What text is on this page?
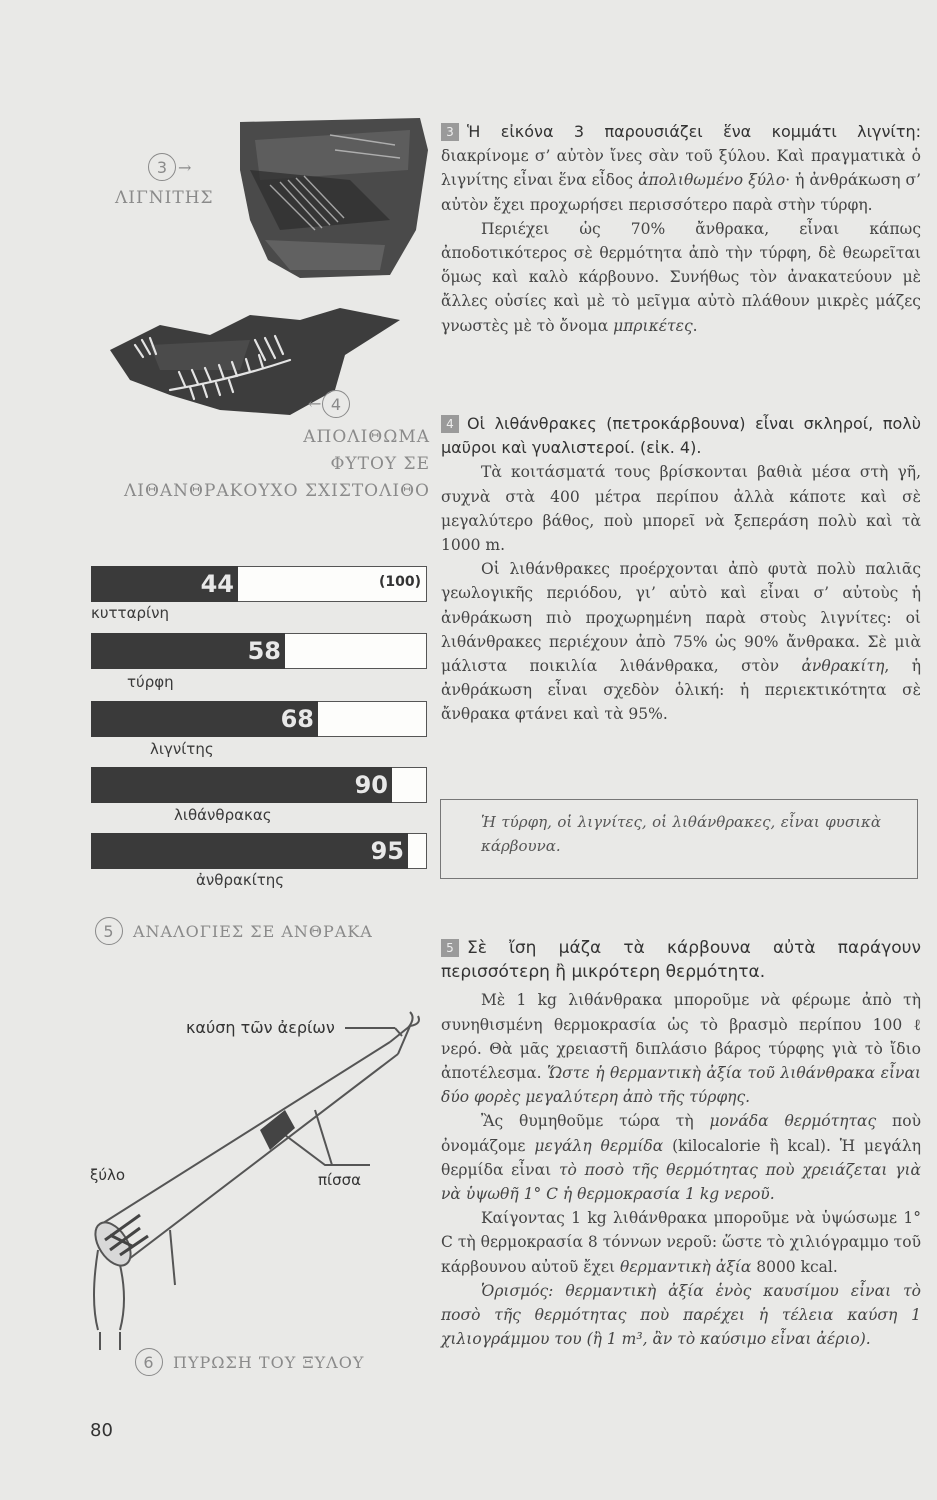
3 →
ΛΙΓΝΙΤΗΣ
← 4
ΑΠΟΛΙΘΩΜΑ
ΦΥΤΟΥ ΣΕ
ΛΙΘΑΝΘΡΑΚΟΥΧΟ ΣΧΙΣΤΟΛΙΘΟ
44	(100)
κυτταρίνη
58
τύρφη
68
λιγνίτης
90
λιθάνθρακας
95
ἀνθρακίτης
5	ΑΝΑΛΟΓΙΕΣ ΣΕ ΑΝΘΡΑΚΑ
καύση τῶν ἀερίων
ξύλο	πίσσα
6	ΠΥΡΩΣΗ ΤΟΥ ΞΥΛΟΥ

3 Ἡ εἰκόνα 3 παρουσιάζει ἕνα κομμάτι λιγνίτη: διακρίνομε σ’ αὐτὸν ἴνες σὰν τοῦ ξύλου. Καὶ πραγματικὰ ὁ λιγνίτης εἶναι ἕνα εἶδος ἀπολιθωμένο ξύλο· ἡ ἀνθράκωση σ’ αὐτὸν ἔχει προχωρήσει περισσότερο παρὰ στὴν τύρφη.

Περιέχει ὡς 70% ἄνθρακα, εἶναι κάπως ἀποδοτικότερος σὲ θερμότητα ἀπὸ τὴν τύρφη, δὲ θεωρεῖται ὅμως καὶ καλὸ κάρβουνο. Συνήθως τὸν ἀνακατεύουν μὲ ἄλλες οὐσίες καὶ μὲ τὸ μεῖγμα αὐτὸ πλάθουν μικρὲς μάζες γνωστὲς μὲ τὸ ὄνομα μπρικέτες.

4 Οἱ λιθάνθρακες (πετροκάρβουνα) εἶναι σκληροί, πολὺ μαῦροι καὶ γυαλιστεροί. (εἰκ. 4).

Τὰ κοιτάσματά τους βρίσκονται βαθιὰ μέσα στὴ γῆ, συχνὰ στὰ 400 μέτρα περίπου ἀλλὰ κάποτε καὶ σὲ μεγαλύτερο βάθος, ποὺ μπορεῖ νὰ ξεπεράση πολὺ καὶ τὰ 1000 m.

Οἱ λιθάνθρακες προέρχονται ἀπὸ φυτὰ πολὺ παλιᾶς γεωλογικῆς περιόδου, γι’ αὐτὸ καὶ εἶναι σ’ αὐτοὺς ἡ ἀνθράκωση πιὸ προχωρημένη παρὰ στοὺς λιγνίτες: οἱ λιθάνθρακες περιέχουν ἀπὸ 75% ὡς 90% ἄνθρακα. Σὲ μιὰ μάλιστα ποικιλία λιθάνθρακα, στὸν ἀνθρακίτη, ἡ ἀνθράκωση εἶναι σχεδὸν ὁλική: ἡ περιεκτικότητα σὲ ἄνθρακα φτάνει καὶ τὰ 95%.

Ἡ τύρφη, οἱ λιγνίτες, οἱ λιθάνθρακες, εἶναι φυσικὰ κάρβουνα.

5 Σὲ ἴση μάζα τὰ κάρβουνα αὐτὰ παράγουν περισσότερη ἢ μικρότερη θερμότητα.

Μὲ 1 kg λιθάνθρακα μποροῦμε νὰ φέρωμε ἀπὸ τὴ συνηθισμένη θερμοκρασία ὡς τὸ βρασμὸ περίπου 100 ℓ νερό. Θὰ μᾶς χρειαστῆ διπλάσιο βάρος τύρφης γιὰ τὸ ἴδιο ἀποτέλεσμα. Ὥστε ἡ θερμαντικὴ ἀξία τοῦ λιθάνθρακα εἶναι δύο φορὲς μεγαλύτερη ἀπὸ τῆς τύρφης.

Ἂς θυμηθοῦμε τώρα τὴ μονάδα θερμότητας ποὺ ὀνομάζομε μεγάλη θερμίδα (kilocalorie ἢ kcal). Ἡ μεγάλη θερμίδα εἶναι τὸ ποσὸ τῆς θερμότητας ποὺ χρειάζεται γιὰ νὰ ὑψωθῆ 1° C ἡ θερμοκρασία 1 kg νεροῦ.

Καίγοντας 1 kg λιθάνθρακα μποροῦμε νὰ ὑψώσωμε 1° C τὴ θερμοκρασία 8 τόννων νεροῦ: ὥστε τὸ χιλιόγραμμο τοῦ κάρβουνου αὐτοῦ ἔχει θερμαντικὴ ἀξία 8000 kcal.

Ὁρισμός: θερμαντικὴ ἀξία ἑνὸς καυσίμου εἶναι τὸ ποσὸ τῆς θερμότητας ποὺ παρέχει ἡ τέλεια καύση 1 χιλιογράμμου του (ἢ 1 m³, ἂν τὸ καύσιμο εἶναι ἀέριο).

80
